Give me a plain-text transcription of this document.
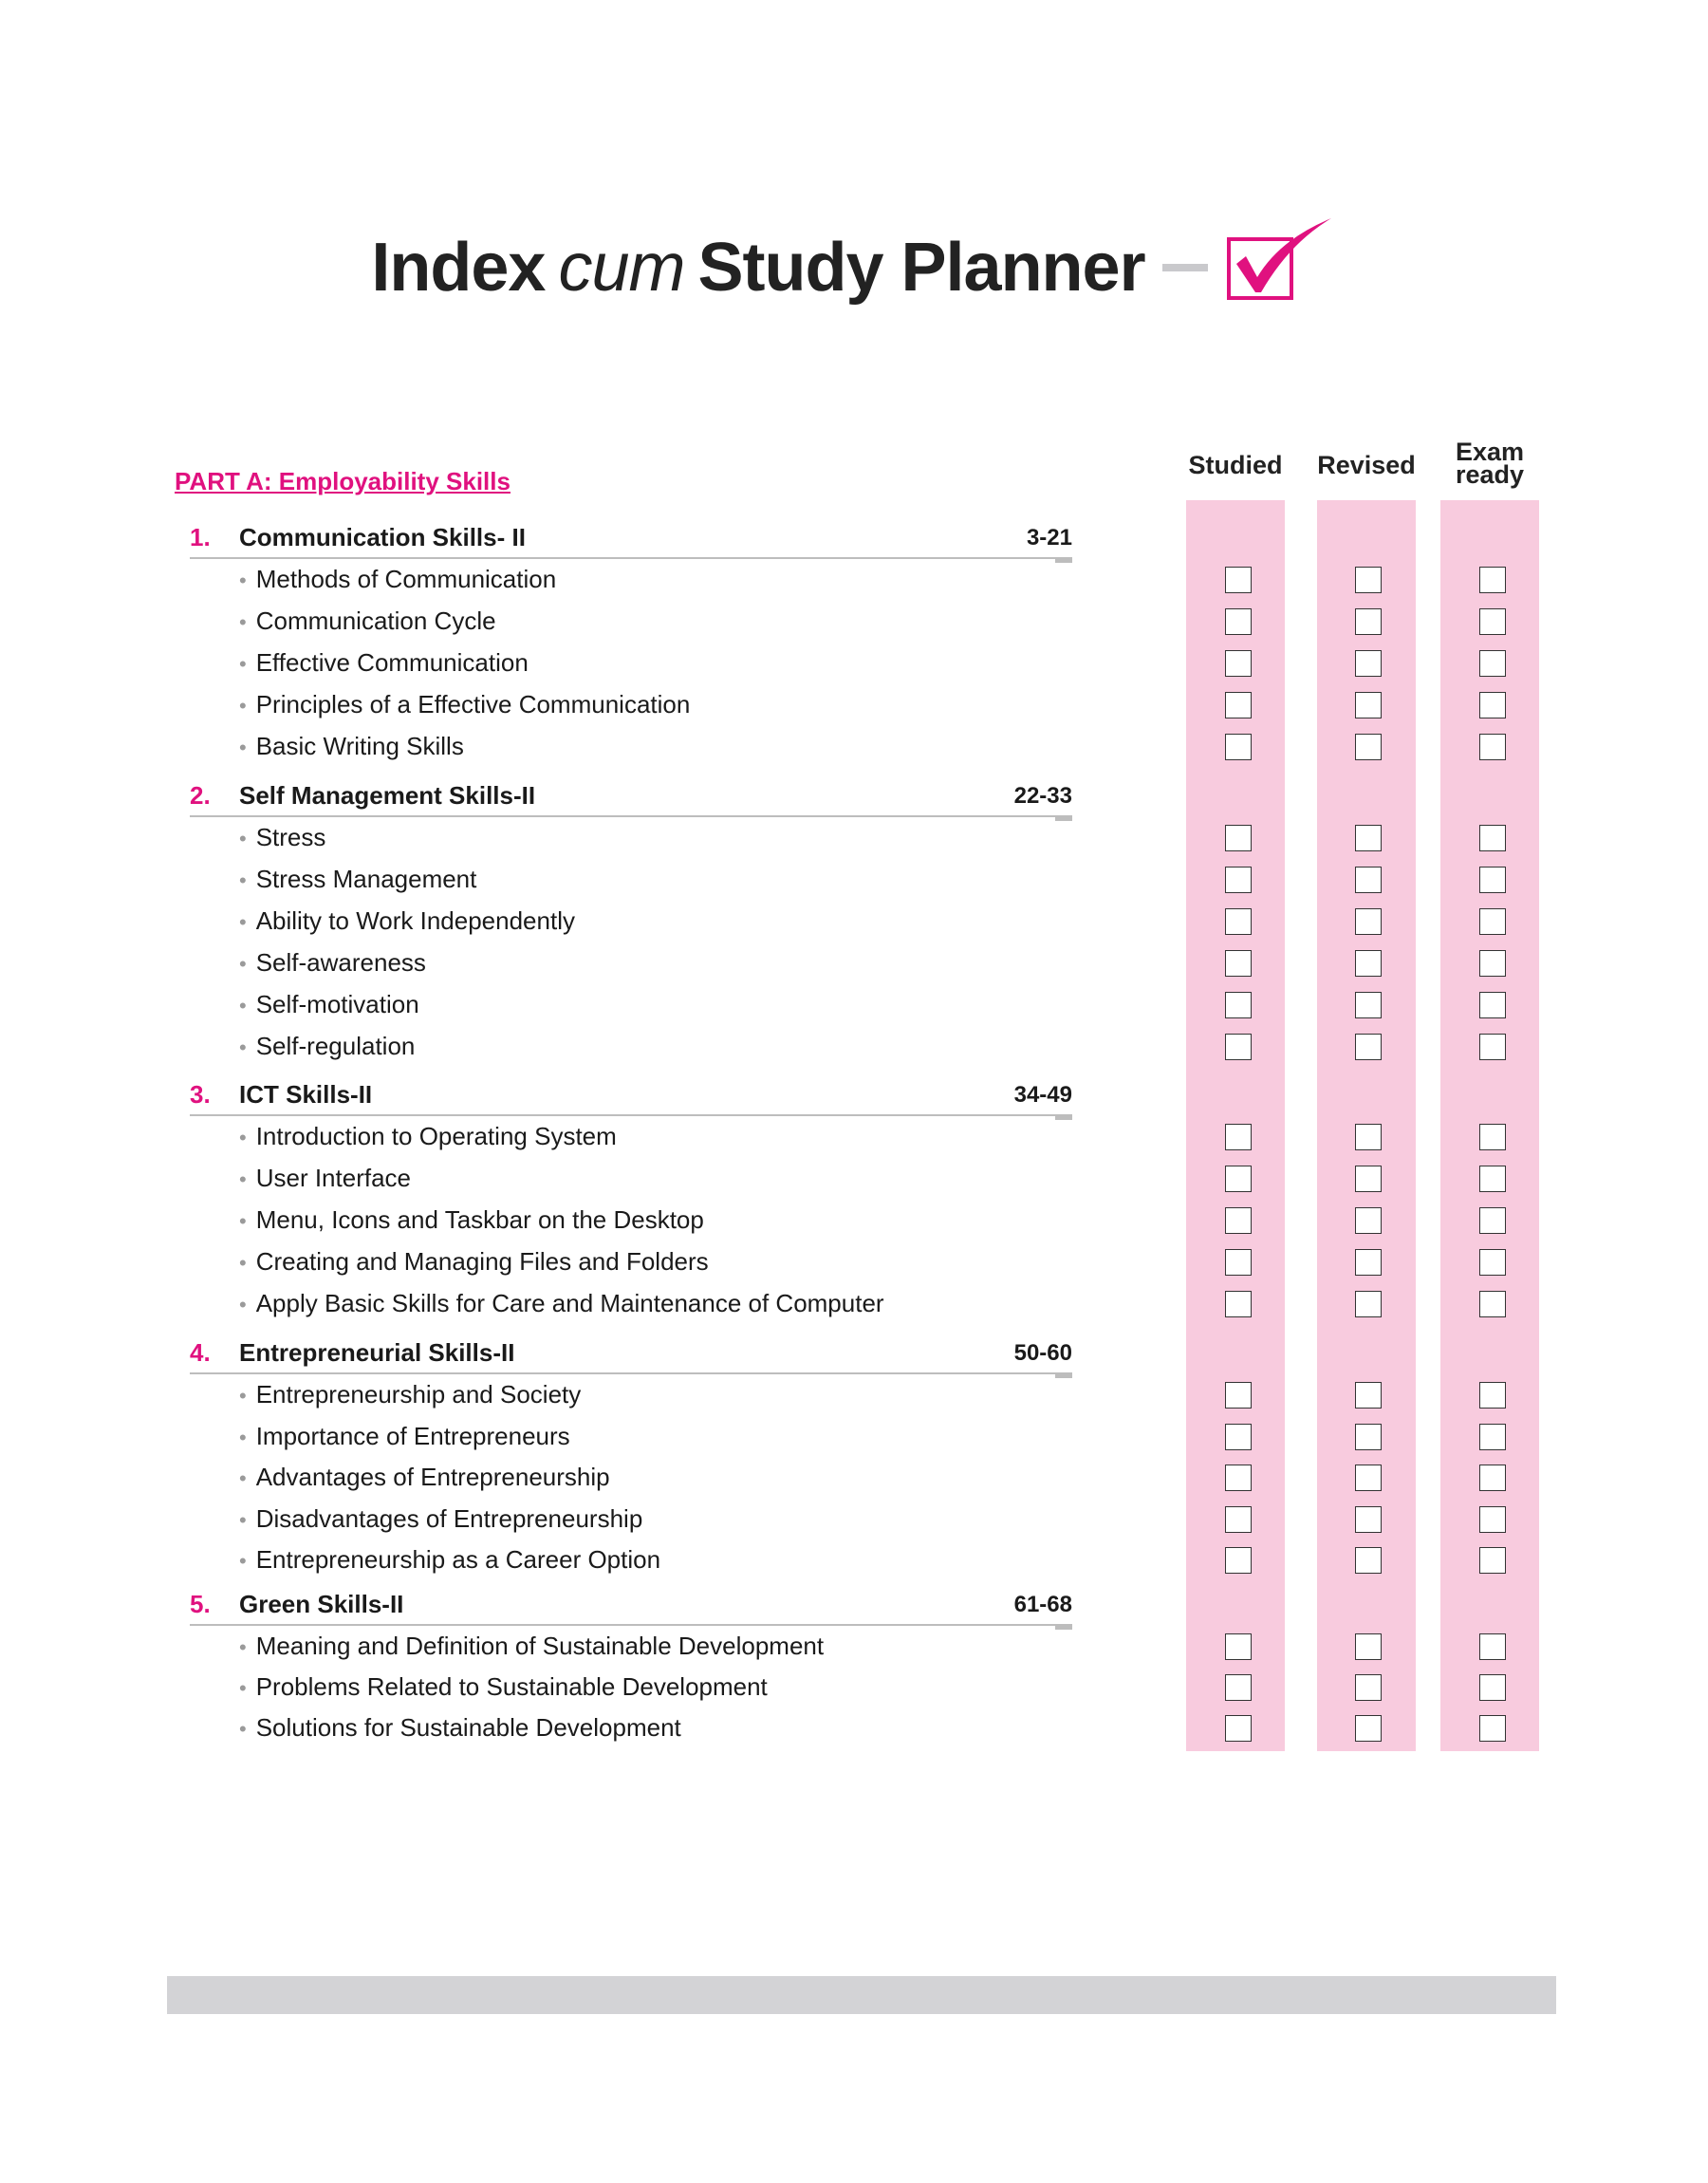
Index cum Study Planner
PART A: Employability Skills
Studied Revised	Exam
ready
1. Communication Skills- II	3-21
• Methods of Communication
• Communication Cycle
• Effective Communication
• Principles of a Effective Communication
• Basic Writing Skills
2. Self Management Skills-II	22-33
• Stress
• Stress Management
• Ability to Work Independently
• Self-awareness
• Self-motivation
• Self-regulation
3. ICT Skills-II	34-49
• Introduction to Operating System
• User Interface
• Menu, Icons and Taskbar on the Desktop
• Creating and Managing Files and Folders
• Apply Basic Skills for Care and Maintenance of Computer
4. Entrepreneurial Skills-II	50-60
• Entrepreneurship and Society
• Importance of Entrepreneurs
• Advantages of Entrepreneurship
• Disadvantages of Entrepreneurship
• Entrepreneurship as a Career Option
5. Green Skills-II	61-68
• Meaning and Definition of Sustainable Development
• Problems Related to Sustainable Development
• Solutions for Sustainable Development
